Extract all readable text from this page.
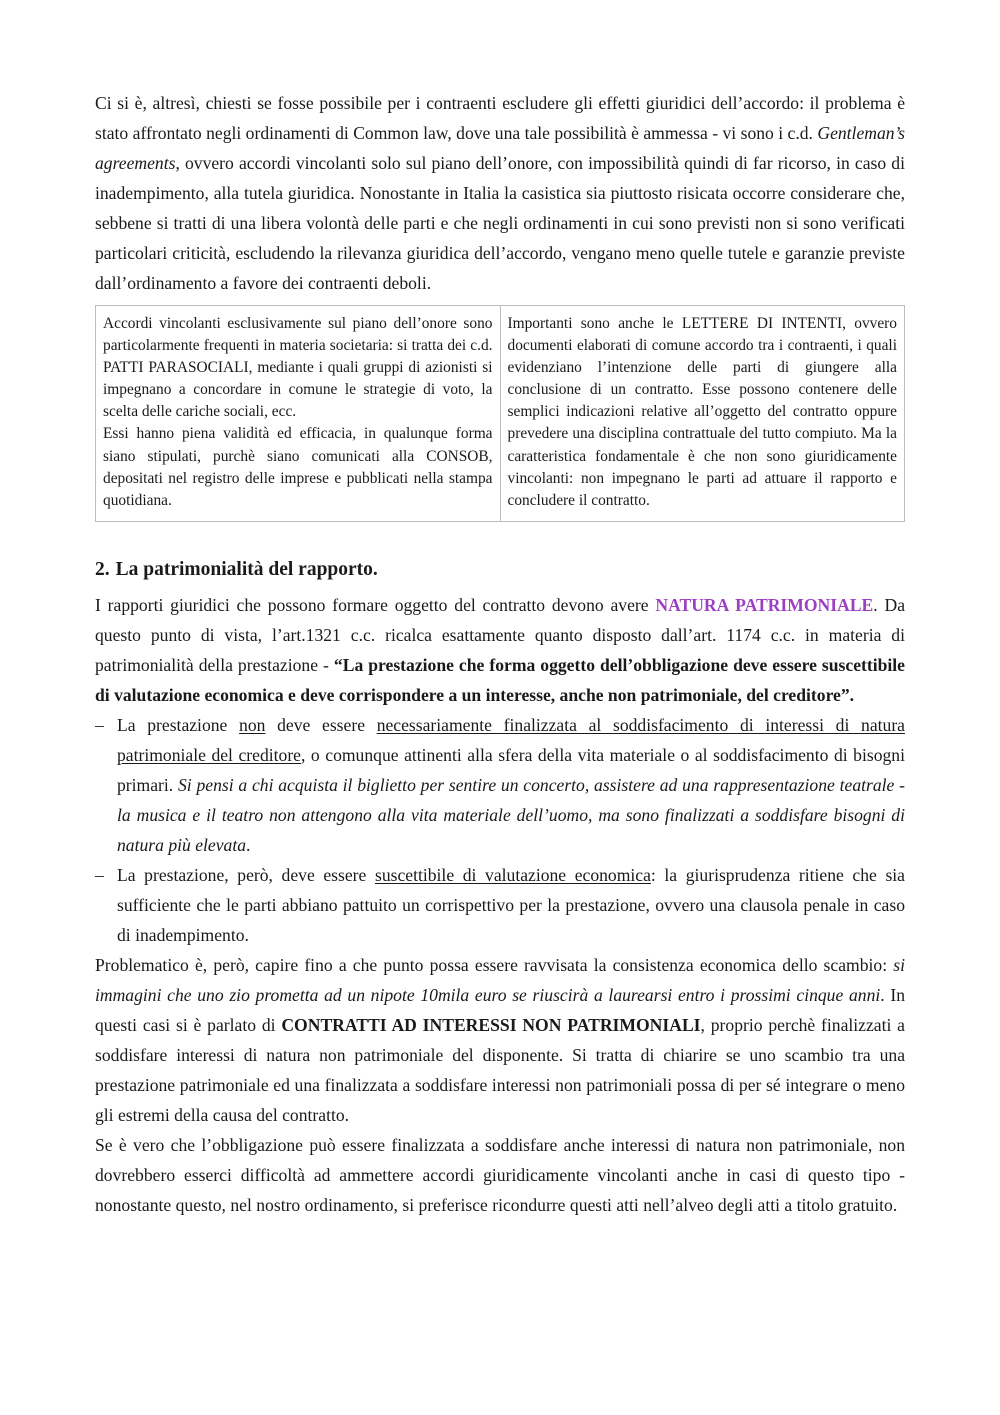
Ci si è, altresì, chiesti se fosse possibile per i contraenti escludere gli effetti giuridici dell’accordo: il problema è stato affrontato negli ordinamenti di Common law, dove una tale possibilità è ammessa - vi sono i c.d. Gentleman’s agreements, ovvero accordi vincolanti solo sul piano dell’onore, con impossibilità quindi di far ricorso, in caso di inadempimento, alla tutela giuridica. Nonostante in Italia la casistica sia piuttosto risicata occorre considerare che, sebbene si tratti di una libera volontà delle parti e che negli ordinamenti in cui sono previsti non si sono verificati particolari criticità, escludendo la rilevanza giuridica dell’accordo, vengano meno quelle tutele e garanzie previste dall’ordinamento a favore dei contraenti deboli.

Accordi vincolanti esclusivamente sul piano dell’onore sono particolarmente frequenti in materia societaria: si tratta dei c.d. PATTI PARASOCIALI, mediante i quali gruppi di azionisti si impegnano a concordare in comune le strategie di voto, la scelta delle cariche sociali, ecc.

Essi hanno piena validità ed efficacia, in qualunque forma siano stipulati, purchè siano comunicati alla CONSOB, depositati nel registro delle imprese e pubblicati nella stampa quotidiana.

Importanti sono anche le LETTERE DI INTENTI, ovvero documenti elaborati di comune accordo tra i contraenti, i quali evidenziano l’intenzione delle parti di giungere alla conclusione di un contratto. Esse possono contenere delle semplici indicazioni relative all’oggetto del contratto oppure prevedere una disciplina contrattuale del tutto compiuto. Ma la caratteristica fondamentale è che non sono giuridicamente vincolanti: non impegnano le parti ad attuare il rapporto e concludere il contratto.

2. La patrimonialità del rapporto.

I rapporti giuridici che possono formare oggetto del contratto devono avere NATURA PATRIMONIALE. Da questo punto di vista, l’art.1321 c.c. ricalca esattamente quanto disposto dall’art. 1174 c.c. in materia di patrimonialità della prestazione - “La prestazione che forma oggetto dell’obbligazione deve essere suscettibile di valutazione economica e deve corrispondere a un interesse, anche non patrimoniale, del creditore”.

– La prestazione non deve essere necessariamente finalizzata al soddisfacimento di interessi di natura patrimoniale del creditore, o comunque attinenti alla sfera della vita materiale o al soddisfacimento di bisogni primari. Si pensi a chi acquista il biglietto per sentire un concerto, assistere ad una rappresentazione teatrale - la musica e il teatro non attengono alla vita materiale dell’uomo, ma sono finalizzati a soddisfare bisogni di natura più elevata.
– La prestazione, però, deve essere suscettibile di valutazione economica: la giurisprudenza ritiene che sia sufficiente che le parti abbiano pattuito un corrispettivo per la prestazione, ovvero una clausola penale in caso di inadempimento.

Problematico è, però, capire fino a che punto possa essere ravvisata la consistenza economica dello scambio: si immagini che uno zio prometta ad un nipote 10mila euro se riuscirà a laurearsi entro i prossimi cinque anni. In questi casi si è parlato di CONTRATTI AD INTERESSI NON PATRIMONIALI, proprio perchè finalizzati a soddisfare interessi di natura non patrimoniale del disponente. Si tratta di chiarire se uno scambio tra una prestazione patrimoniale ed una finalizzata a soddisfare interessi non patrimoniali possa di per sé integrare o meno gli estremi della causa del contratto.

Se è vero che l’obbligazione può essere finalizzata a soddisfare anche interessi di natura non patrimoniale, non dovrebbero esserci difficoltà ad ammettere accordi giuridicamente vincolanti anche in casi di questo tipo - nonostante questo, nel nostro ordinamento, si preferisce ricondurre questi atti nell’alveo degli atti a titolo gratuito.
